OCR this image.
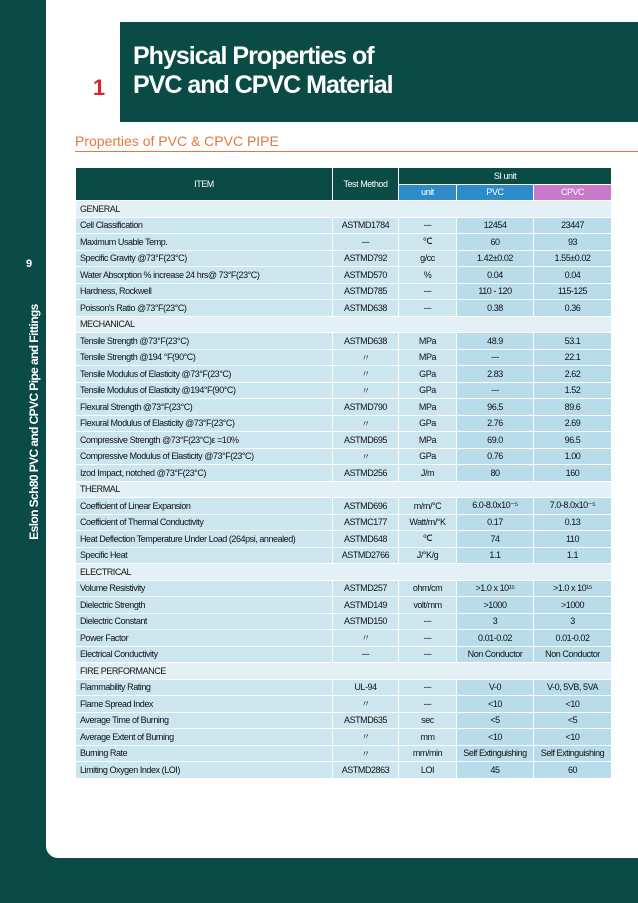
1
Physical Properties of
PVC and CPVC Material
9
Eslon Sch80 PVC and CPVC Pipe and Fittings
Properties of PVC & CPVC PIPE
ITEM	Test Method	SI unit		
		unit	PVC	CPVC
GENERAL				
Cell Classification	ASTMD1784	---	12454	23447
Maximum Usable Temp.	---	℃	60	93
Specific Gravity @73°F(23°C)	ASTMD792	g/cc	1.42±0.02	1.55±0.02
Water Absorption % increase 24 hrs@ 73°F(23°C)	ASTMD570	%	0.04	0.04
Hardness, Rockwell	ASTMD785	---	110 - 120	115-125
Poisson's Ratio @73°F(23°C)	ASTMD638	---	0.38	0.36
MECHANICAL				
Tensile Strength @73°F(23°C)	ASTMD638	MPa	48.9	53.1
Tensile Strength @194 °F(90°C)	〃	MPa	---	22.1
Tensile Modulus of Elasticity @73°F(23°C)	〃	GPa	2.83	2.62
Tensile Modulus of Elasticity @194°F(90°C)	〃	GPa	---	1.52
Flexural Strength @73°F(23°C)	ASTMD790	MPa	96.5	89.6
Flexural Modulus of Elasticity @73°F(23°C)	〃	GPa	2.76	2.69
Compressive Strength @73°F(23°C)ε =10%	ASTMD695	MPa	69.0	96.5
Compressive Modulus of Elasticity @73°F(23°C)	〃	GPa	0.76	1.00
Izod Impact, notched @73°F(23°C)	ASTMD256	J/m	80	160
THERMAL				
Coefficient of Linear Expansion	ASTMD696	m/m/°C	6.0-8.0x10⁻⁵	7.0-8.0x10⁻⁵
Coefficient of Thermal Conductivity	ASTMC177	Watt/m/°K	0.17	0.13
Heat Deflection Temperature Under Load (264psi, annealed)	ASTMD648	℃	74	110
Specific Heat	ASTMD2766	J/°K/g	1.1	1.1
ELECTRICAL				
Volume Resistivity	ASTMD257	ohm/cm	>1.0 x 10¹⁵	>1.0 x 10¹⁵
Dielectric Strength	ASTMD149	volt/mm	>1000	>1000
Dielectric Constant	ASTMD150	---	3	3
Power Factor	〃	---	0.01-0.02	0.01-0.02
Electrical Conductivity	---	---	Non Conductor	Non Conductor
FIRE PERFORMANCE				
Flammability Rating	UL-94	---	V-0	V-0, 5VB, 5VA
Flame Spread Index	〃	---	<10	<10
Average Time of Burning	ASTMD635	sec	<5	<5
Average Extent of Burning	〃	mm	<10	<10
Burning Rate	〃	mm/min	Self Extinguishing	Self Extinguishing
Limiting Oxygen Index (LOI)	ASTMD2863	LOI	45	60
